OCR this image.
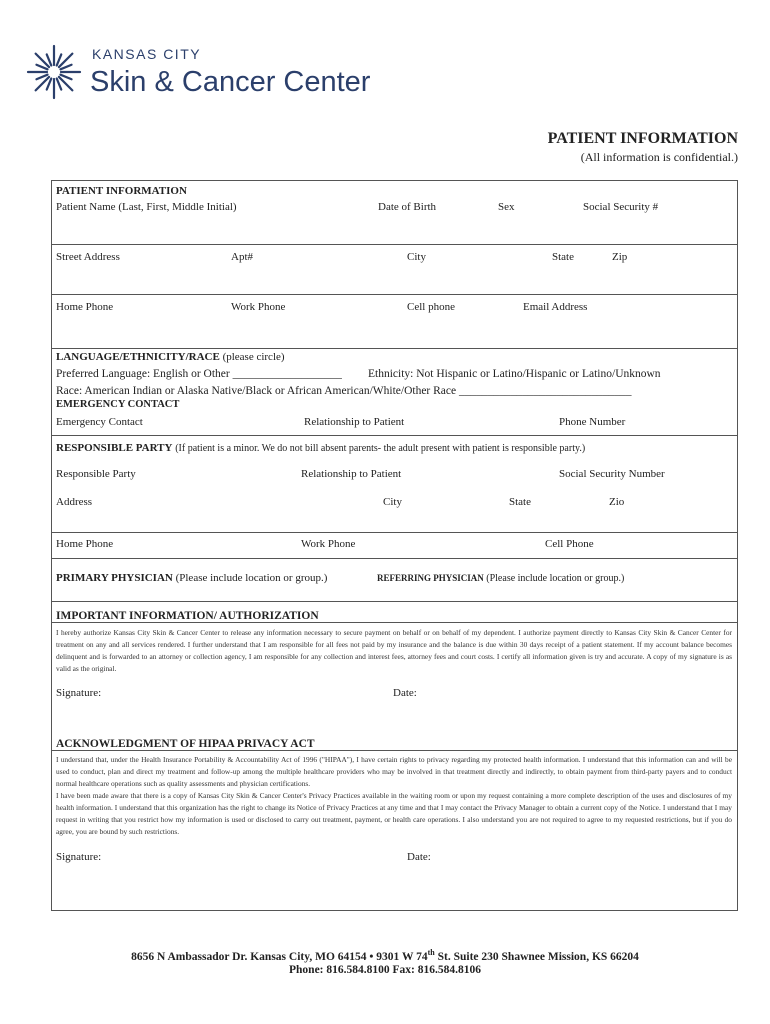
KANSAS CITY
Skin & Cancer Center
PATIENT INFORMATION
(All information is confidential.)
PATIENT INFORMATION
Patient Name (Last, First, Middle Initial)	Date of Birth	Sex	Social Security #
Street Address	Apt#	City	State	Zip
Home Phone	Work Phone	Cell phone	Email Address
LANGUAGE/ETHNICITY/RACE (please circle)
Preferred Language: English or Other ___________________ Ethnicity: Not Hispanic or Latino/Hispanic or Latino/Unknown
Race: American Indian or Alaska Native/Black or African American/White/Other Race ______________________________
EMERGENCY CONTACT
Emergency Contact	Relationship to Patient	Phone Number
RESPONSIBLE PARTY (If patient is a minor. We do not bill absent parents- the adult present with patient is responsible party.)
Responsible Party	Relationship to Patient	Social Security Number
Address	City	State	Zio
Home Phone	Work Phone	Cell Phone
PRIMARY PHYSICIAN (Please include location or group.)	REFERRING PHYSICIAN (Please include location or group.)
IMPORTANT INFORMATION/ AUTHORIZATION
I hereby authorize Kansas City Skin & Cancer Center to release any information necessary to secure payment on behalf or on behalf of my dependent. I authorize payment directly to Kansas City Skin & Cancer Center for treatment on any and all services rendered. I further understand that I am responsible for all fees not paid by my insurance and the balance is due within 30 days receipt of a patient statement. If my account balance becomes delinquent and is forwarded to an attorney or collection agency, I am responsible for any collection and interest fees, attorney fees and court costs. I certify all information given is try and accurate. A copy of my signature is as valid as the original.
Signature:	Date:
ACKNOWLEDGMENT OF HIPAA PRIVACY ACT
I understand that, under the Health Insurance Portability & Accountability Act of 1996 ("HIPAA"), I have certain rights to privacy regarding my protected health information. I understand that this information can and will be used to conduct, plan and direct my treatment and follow-up among the multiple healthcare providers who may be involved in that treatment directly and indirectly, to obtain payment from third-party payers and to conduct normal healthcare operations such as quality assessments and physician certifications.
I have been made aware that there is a copy of Kansas City Skin & Cancer Center's Privacy Practices available in the waiting room or upon my request containing a more complete description of the uses and disclosures of my health information. I understand that this organization has the right to change its Notice of Privacy Practices at any time and that I may contact the Privacy Manager to obtain a current copy of the Notice. I understand that I may request in writing that you restrict how my information is used or disclosed to carry out treatment, payment, or health care operations. I also understand you are not required to agree to my requested restrictions, but if you do agree, you are bound by such restrictions.
Signature:	Date:
8656 N Ambassador Dr. Kansas City, MO 64154 • 9301 W 74th St. Suite 230 Shawnee Mission, KS 66204
Phone: 816.584.8100 Fax: 816.584.8106
